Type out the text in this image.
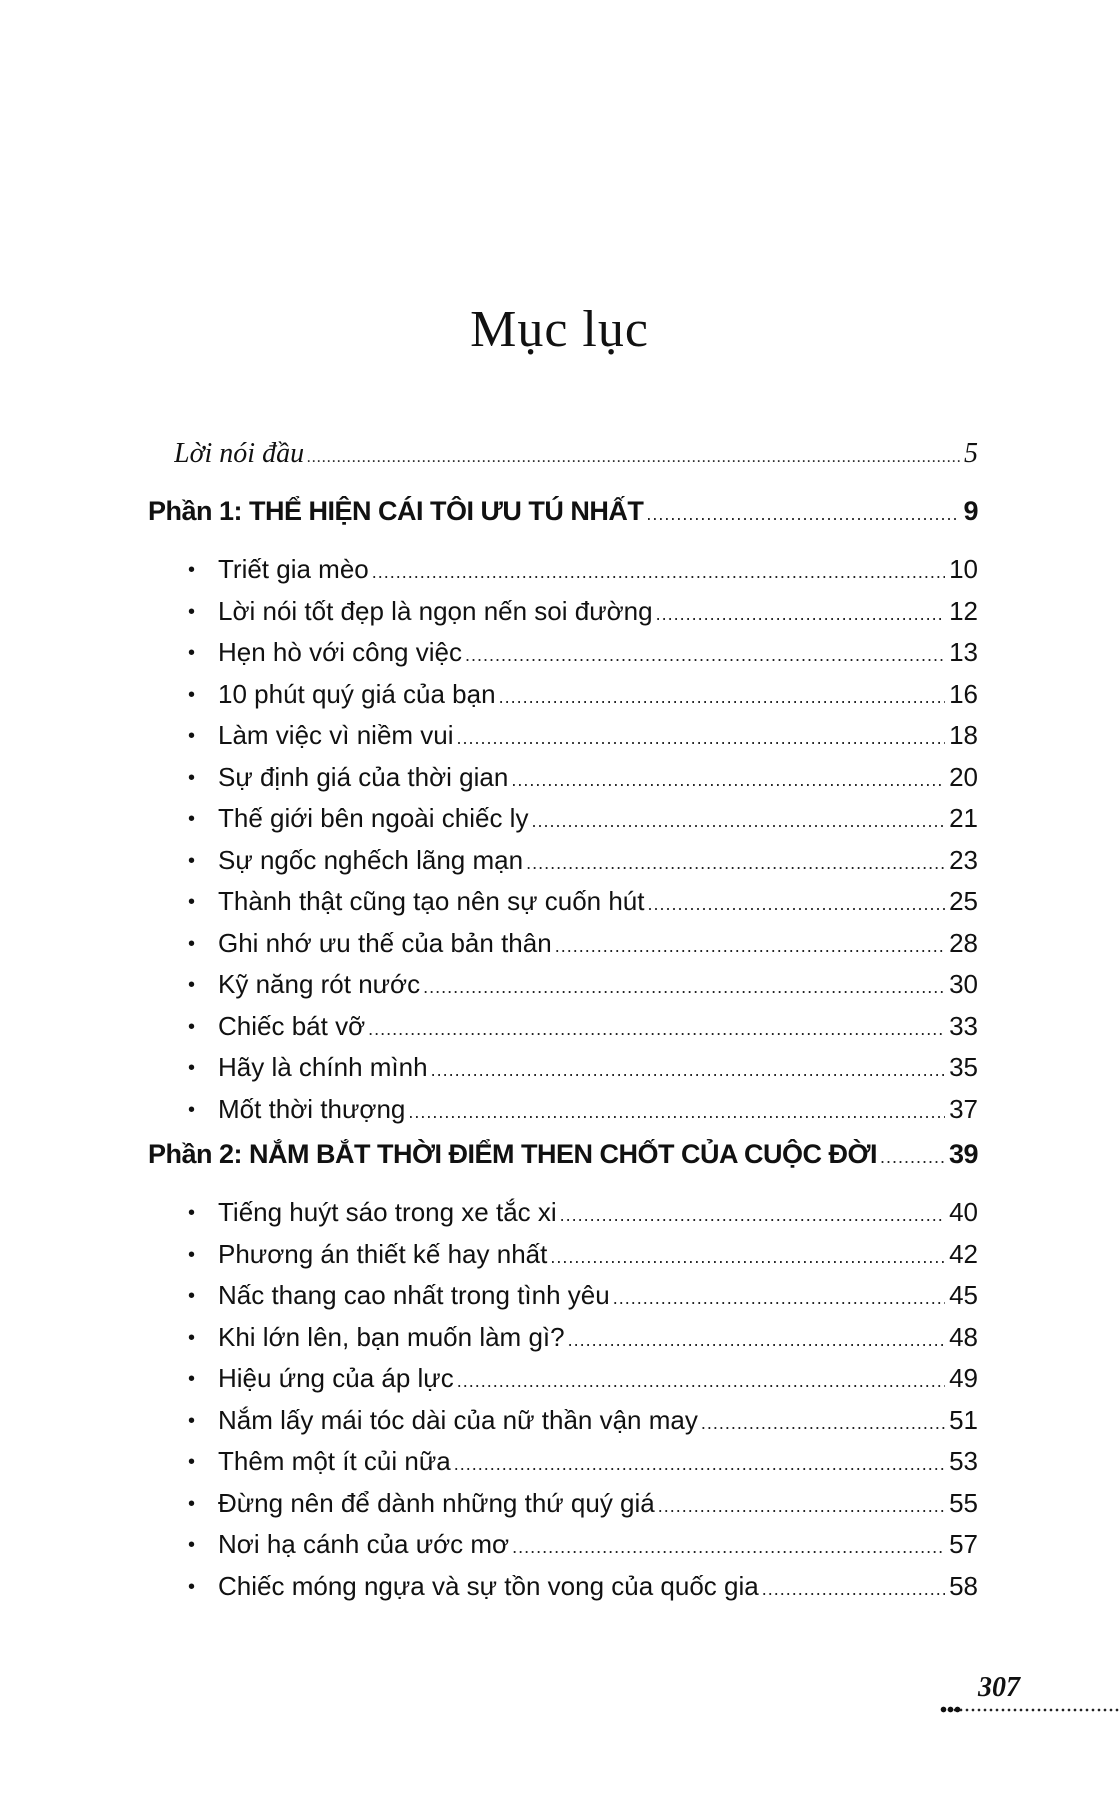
Mục lục
Lời nói đầu .....	5
Phần 1: THỂ HIỆN CÁI TÔI ƯU TÚ NHẤT .....	9
• Triết gia mèo .....	10
• Lời nói tốt đẹp là ngọn nến soi đường .....	12
• Hẹn hò với công việc .....	13
• 10 phút quý giá của bạn .....	16
• Làm việc vì niềm vui .....	18
• Sự định giá của thời gian .....	20
• Thế giới bên ngoài chiếc ly .....	21
• Sự ngốc nghếch lãng mạn .....	23
• Thành thật cũng tạo nên sự cuốn hút .....	25
• Ghi nhớ ưu thế của bản thân .....	28
• Kỹ năng rót nước .....	30
• Chiếc bát vỡ .....	33
• Hãy là chính mình .....	35
• Mốt thời thượng .....	37
Phần 2: NẮM BẮT THỜI ĐIỂM THEN CHỐT CỦA CUỘC ĐỜI .....	39
• Tiếng huýt sáo trong xe tắc xi .....	40
• Phương án thiết kế hay nhất .....	42
• Nấc thang cao nhất trong tình yêu .....	45
• Khi lớn lên, bạn muốn làm gì? .....	48
• Hiệu ứng của áp lực .....	49
• Nắm lấy mái tóc dài của nữ thần vận may .....	51
• Thêm một ít củi nữa .....	53
• Đừng nên để dành những thứ quý giá .....	55
• Nơi hạ cánh của ước mơ .....	57
• Chiếc móng ngựa và sự tồn vong của quốc gia .....	58
307
